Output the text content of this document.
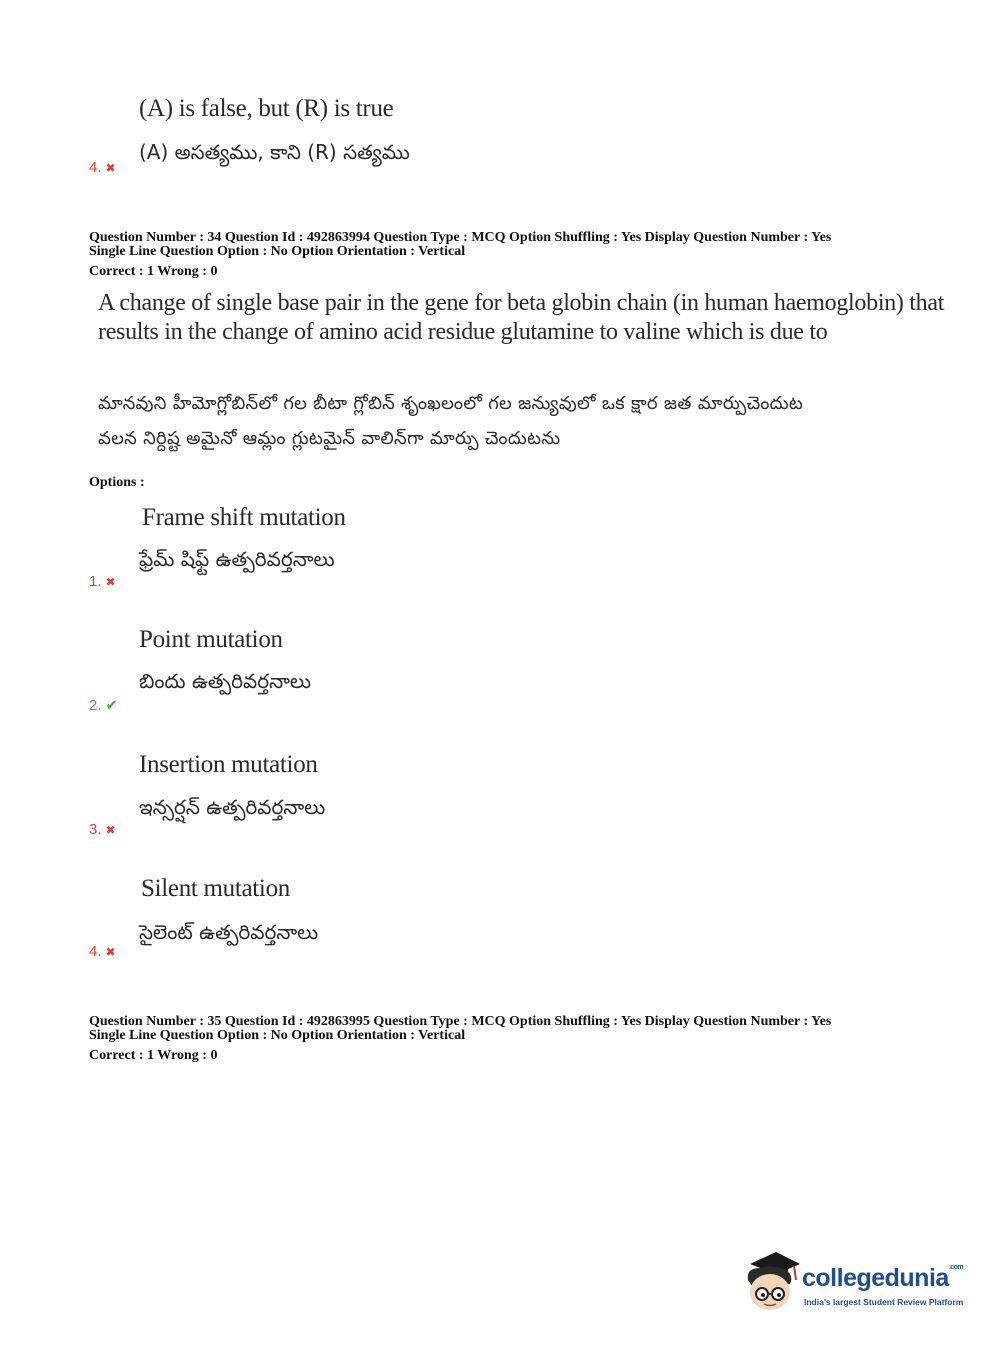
(A) is false, but (R) is true
(A) అసత్యము, కాని (R) సత్యము
4. ✖
Question Number : 34 Question Id : 492863994 Question Type : MCQ Option Shuffling : Yes Display Question Number : Yes
Single Line Question Option : No Option Orientation : Vertical
Correct : 1 Wrong : 0
A change of single base pair in the gene for beta globin chain (in human haemoglobin) that
results in the change of amino acid residue glutamine to valine which is due to
మానవుని హీమోగ్లోబిన్‌లో గల బీటా గ్లోబిన్ శృంఖలంలో గల జన్యువులో ఒక క్షార జత మార్పుచెందుట
వలన నిర్దిష్ట అమైనో ఆమ్లం గ్లుటమైన్ వాలిన్‌గా మార్పు చెందుటను
Options :
Frame shift mutation
ఫ్రేమ్ షిఫ్ట్ ఉత్పరివర్తనాలు
1. ✖
Point mutation
బిందు ఉత్పరివర్తనాలు
2. ✔
Insertion mutation
ఇన్సర్షన్ ఉత్పరివర్తనాలు
3. ✖
Silent mutation
సైలెంట్ ఉత్పరివర్తనాలు
4. ✖
Question Number : 35 Question Id : 492863995 Question Type : MCQ Option Shuffling : Yes Display Question Number : Yes
Single Line Question Option : No Option Orientation : Vertical
Correct : 1 Wrong : 0
collegedunia$^{.com}$
India's largest Student Review Platform
